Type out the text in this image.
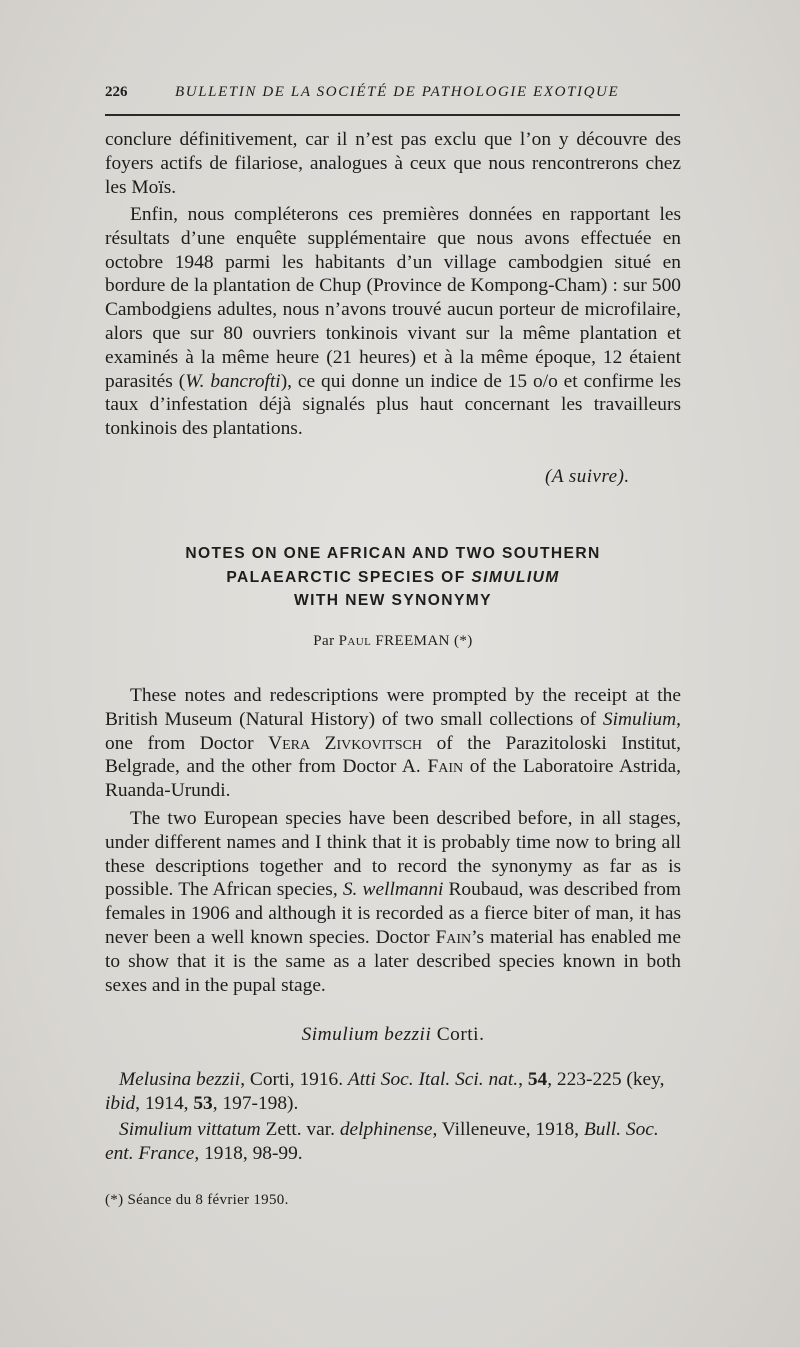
226	BULLETIN DE LA SOCIÉTÉ DE PATHOLOGIE EXOTIQUE

conclure définitivement, car il n’est pas exclu que l’on y découvre des foyers actifs de filariose, analogues à ceux que nous rencontrerons chez les Moïs.

Enfin, nous compléterons ces premières données en rapportant les résultats d’une enquête supplémentaire que nous avons effectuée en octobre 1948 parmi les habitants d’un village cambodgien situé en bordure de la plantation de Chup (Province de Kompong-Cham) : sur 500 Cambodgiens adultes, nous n’avons trouvé aucun porteur de microfilaire, alors que sur 80 ouvriers tonkinois vivant sur la même plantation et examinés à la même heure (21 heures) et à la même époque, 12 étaient parasités (W. bancrofti), ce qui donne un indice de 15 o/o et confirme les taux d’infestation déjà signalés plus haut concernant les travailleurs tonkinois des plantations.

(A suivre).
NOTES ON ONE AFRICAN AND TWO SOUTHERN
PALAEARCTIC SPECIES OF SIMULIUM
WITH NEW SYNONYMY
Par Paul FREEMAN (*)

These notes and redescriptions were prompted by the receipt at the British Museum (Natural History) of two small collections of Simulium, one from Doctor Vera Zivkovitsch of the Parazitoloski Institut, Belgrade, and the other from Doctor A. Fain of the Laboratoire Astrida, Ruanda-Urundi.

The two European species have been described before, in all stages, under different names and I think that it is probably time now to bring all these descriptions together and to record the synonymy as far as is possible. The African species, S. wellmanni Roubaud, was described from females in 1906 and although it is recorded as a fierce biter of man, it has never been a well known species. Doctor Fain’s material has enabled me to show that it is the same as a later described species known in both sexes and in the pupal stage.

Simulium bezzii Corti.

Melusina bezzii, Corti, 1916. Atti Soc. Ital. Sci. nat., 54, 223-225 (key, ibid, 1914, 53, 197-198).

Simulium vittatum Zett. var. delphinense, Villeneuve, 1918, Bull. Soc. ent. France, 1918, 98-99.

(*) Séance du 8 février 1950.
